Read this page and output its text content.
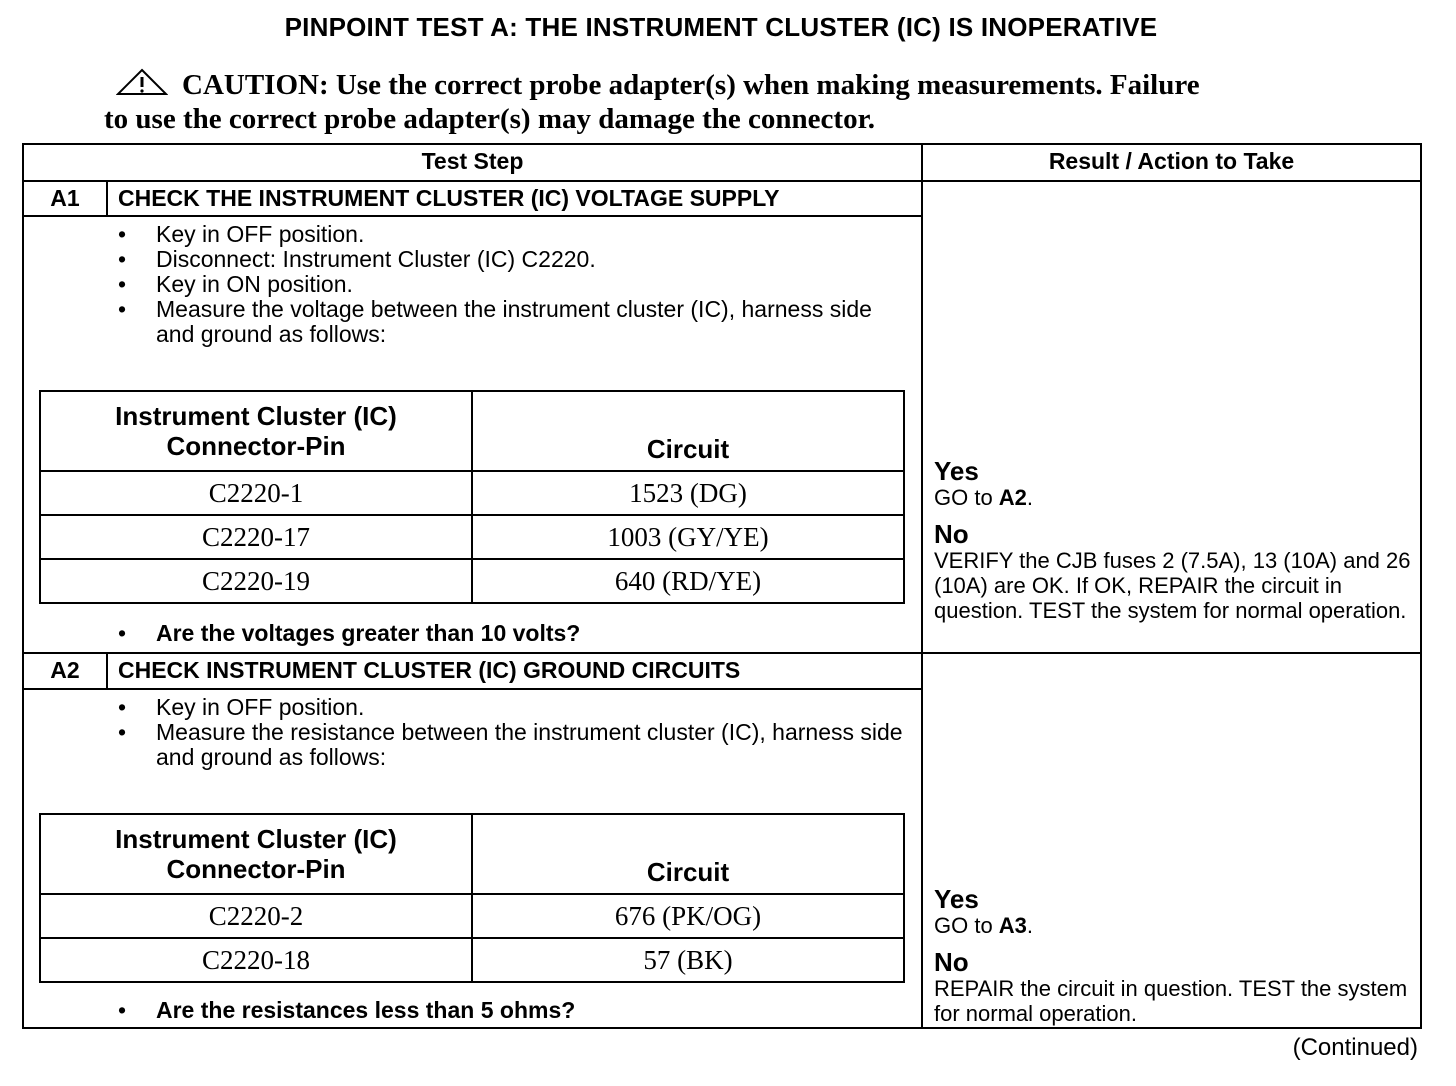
PINPOINT TEST A: THE INSTRUMENT CLUSTER (IC) IS INOPERATIVE
CAUTION: Use the correct probe adapter(s) when making measurements. Failure
to use the correct probe adapter(s) may damage the connector.
Test Step	Result / Action to Take
A1	CHECK THE INSTRUMENT CLUSTER (IC) VOLTAGE SUPPLY
• Key in OFF position.
• Disconnect: Instrument Cluster (IC) C2220.
• Key in ON position.
• Measure the voltage between the instrument cluster (IC), harness side and ground as follows:
Instrument Cluster (IC)
Connector-Pin	Circuit
C2220-1	1523 (DG)
C2220-17	1003 (GY/YE)
C2220-19	640 (RD/YE)
• Are the voltages greater than 10 volts?
Yes
GO to A2.
No
VERIFY the CJB fuses 2 (7.5A), 13 (10A) and 26 (10A) are OK. If OK, REPAIR the circuit in question. TEST the system for normal operation.
A2	CHECK INSTRUMENT CLUSTER (IC) GROUND CIRCUITS
• Key in OFF position.
• Measure the resistance between the instrument cluster (IC), harness side and ground as follows:
Instrument Cluster (IC)
Connector-Pin	Circuit
C2220-2	676 (PK/OG)
C2220-18	57 (BK)
• Are the resistances less than 5 ohms?
Yes
GO to A3.
No
REPAIR the circuit in question. TEST the system for normal operation.
(Continued)
